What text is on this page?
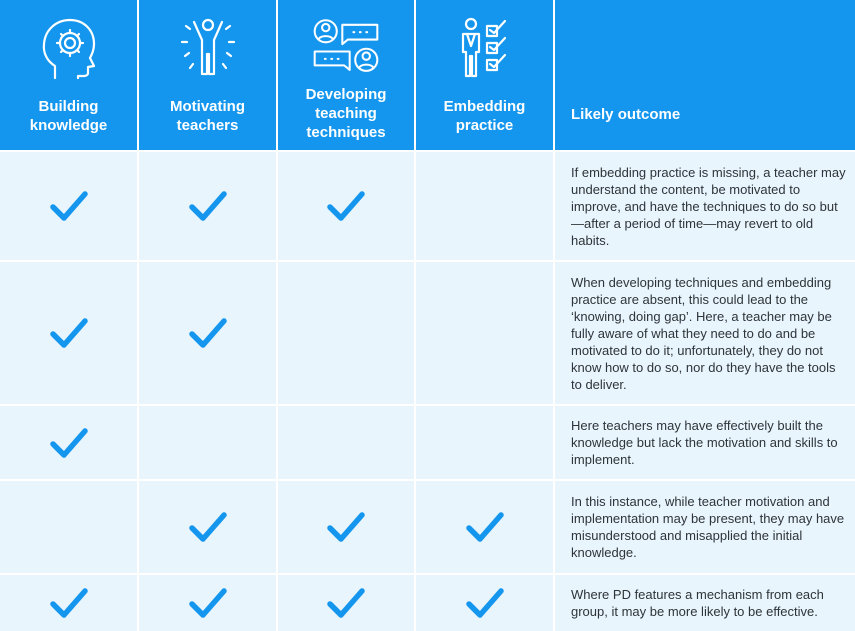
Building
knowledge
Motivating
teachers
Developing
teaching
techniques
Embedding
practice
Likely outcome
If embedding practice is missing, a teacher may understand the content, be motivated to improve, and have the techniques to do so but—after a period of time—may revert to old habits.
When developing techniques and embedding practice are absent, this could lead to the ‘knowing, doing gap’. Here, a teacher may be fully aware of what they need to do and be motivated to do it; unfortunately, they do not know how to do so, nor do they have the tools to deliver.
Here teachers may have effectively built the knowledge but lack the motivation and skills to implement.
In this instance, while teacher motivation and implementation may be present, they may have misunderstood and misapplied the initial knowledge.
Where PD features a mechanism from each group, it may be more likely to be effective.
